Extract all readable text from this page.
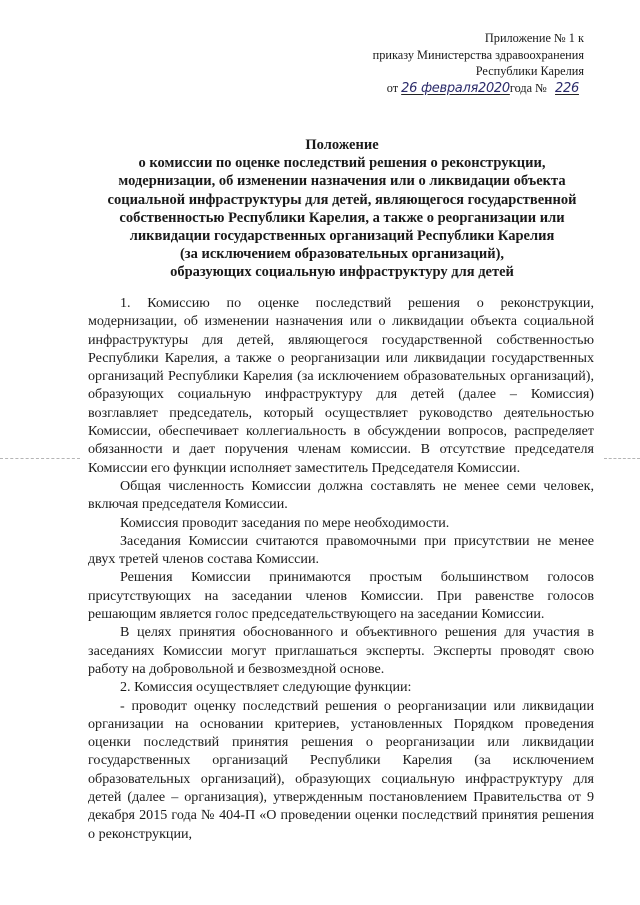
Приложение № 1 к
приказу Министерства здравоохранения
Республики Карелия
от 26 февраля2020года № 226
Положение
о комиссии по оценке последствий решения о реконструкции,
модернизации, об изменении назначения или о ликвидации объекта
социальной инфраструктуры для детей, являющегося государственной
собственностью Республики Карелия, а также о реорганизации или
ликвидации государственных организаций Республики Карелия
(за исключением образовательных организаций),
образующих социальную инфраструктуру для детей

1. Комиссию по оценке последствий решения о реконструкции, модернизации, об изменении назначения или о ликвидации объекта социальной инфраструктуры для детей, являющегося государственной собственностью Республики Карелия, а также о реорганизации или ликвидации государственных организаций Республики Карелия (за исключением образовательных организаций), образующих социальную инфраструктуру для детей (далее – Комиссия) возглавляет председатель, который осуществляет руководство деятельностью Комиссии, обеспечивает коллегиальность в обсуждении вопросов, распределяет обязанности и дает поручения членам комиссии. В отсутствие председателя Комиссии его функции исполняет заместитель Председателя Комиссии.

Общая численность Комиссии должна составлять не менее семи человек, включая председателя Комиссии.

Комиссия проводит заседания по мере необходимости.

Заседания Комиссии считаются правомочными при присутствии не менее двух третей членов состава Комиссии.

Решения Комиссии принимаются простым большинством голосов присутствующих на заседании членов Комиссии. При равенстве голосов решающим является голос председательствующего на заседании Комиссии.

В целях принятия обоснованного и объективного решения для участия в заседаниях Комиссии могут приглашаться эксперты. Эксперты проводят свою работу на добровольной и безвозмездной основе.

2. Комиссия осуществляет следующие функции:

- проводит оценку последствий решения о реорганизации или ликвидации организации на основании критериев, установленных Порядком проведения оценки последствий принятия решения о реорганизации или ликвидации государственных организаций Республики Карелия (за исключением образовательных организаций), образующих социальную инфраструктуру для детей (далее – организация), утвержденным постановлением Правительства от 9 декабря 2015 года № 404-П «О проведении оценки последствий принятия решения о реконструкции,
